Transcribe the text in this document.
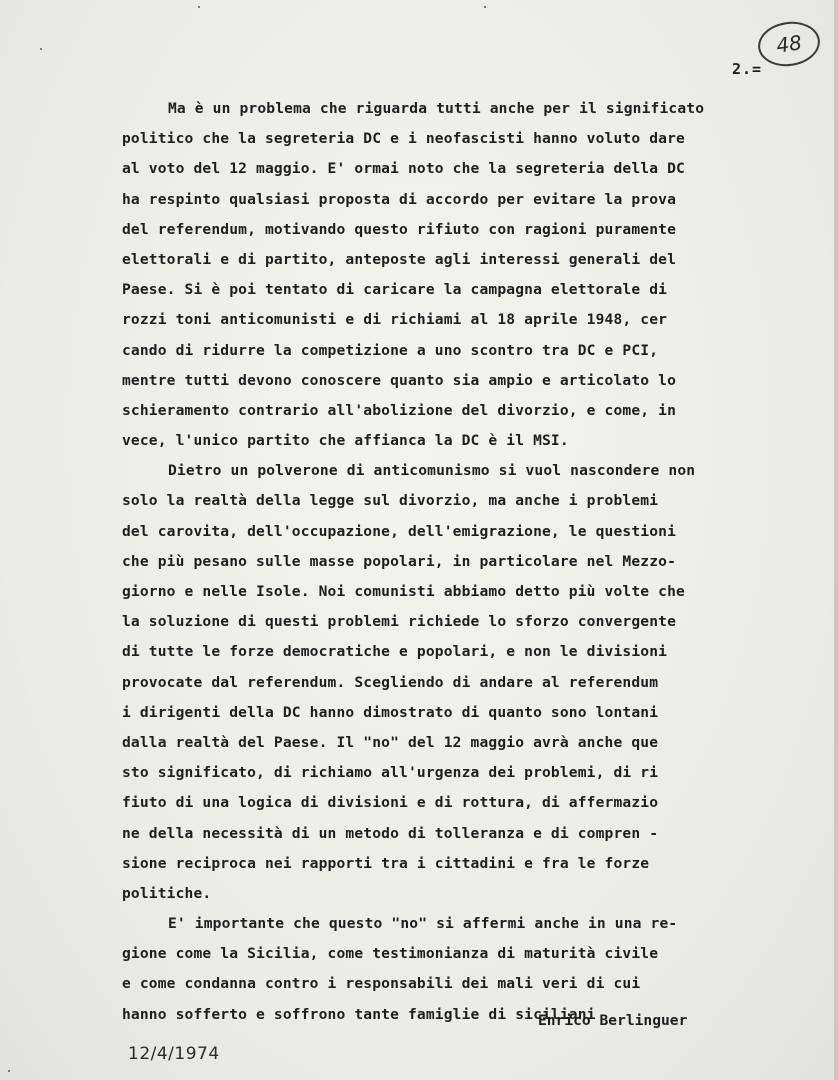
48
2.=
Ma è un problema che riguarda tutti anche per il significato
politico che la segreteria DC e i neofascisti hanno voluto dare
al voto del 12 maggio. E' ormai noto che la segreteria della DC
ha respinto qualsiasi proposta di accordo per evitare la prova
del referendum, motivando questo rifiuto con ragioni puramente
elettorali e di partito, anteposte agli interessi generali del
Paese. Si è poi tentato di caricare la campagna elettorale di
rozzi toni anticomunisti e di richiami al 18 aprile 1948, cer
cando di ridurre la competizione a uno scontro tra DC e PCI,
mentre tutti devono conoscere quanto sia ampio e articolato lo
schieramento contrario all'abolizione del divorzio, e come, in
vece, l'unico partito che affianca la DC è il MSI.
Dietro un polverone di anticomunismo si vuol nascondere non
solo la realtà della legge sul divorzio, ma anche i problemi
del carovita, dell'occupazione, dell'emigrazione, le questioni
che più pesano sulle masse popolari, in particolare nel Mezzo-
giorno e nelle Isole. Noi comunisti abbiamo detto più volte che
la soluzione di questi problemi richiede lo sforzo convergente
di tutte le forze democratiche e popolari, e non le divisioni
provocate dal referendum. Scegliendo di andare al referendum
i dirigenti della DC hanno dimostrato di quanto sono lontani
dalla realtà del Paese. Il "no" del 12 maggio avrà anche que
sto significato, di richiamo all'urgenza dei problemi, di ri
fiuto di una logica di divisioni e di rottura, di affermazio
ne della necessità di un metodo di tolleranza e di compren -
sione reciproca nei rapporti tra i cittadini e fra le forze
politiche.
E' importante che questo "no" si affermi anche in una re-
gione come la Sicilia, come testimonianza di maturità civile
e come condanna contro i responsabili dei mali veri di cui
hanno sofferto e soffrono tante famiglie di siciliani
Enrico Berlinguer
12/4/1974
